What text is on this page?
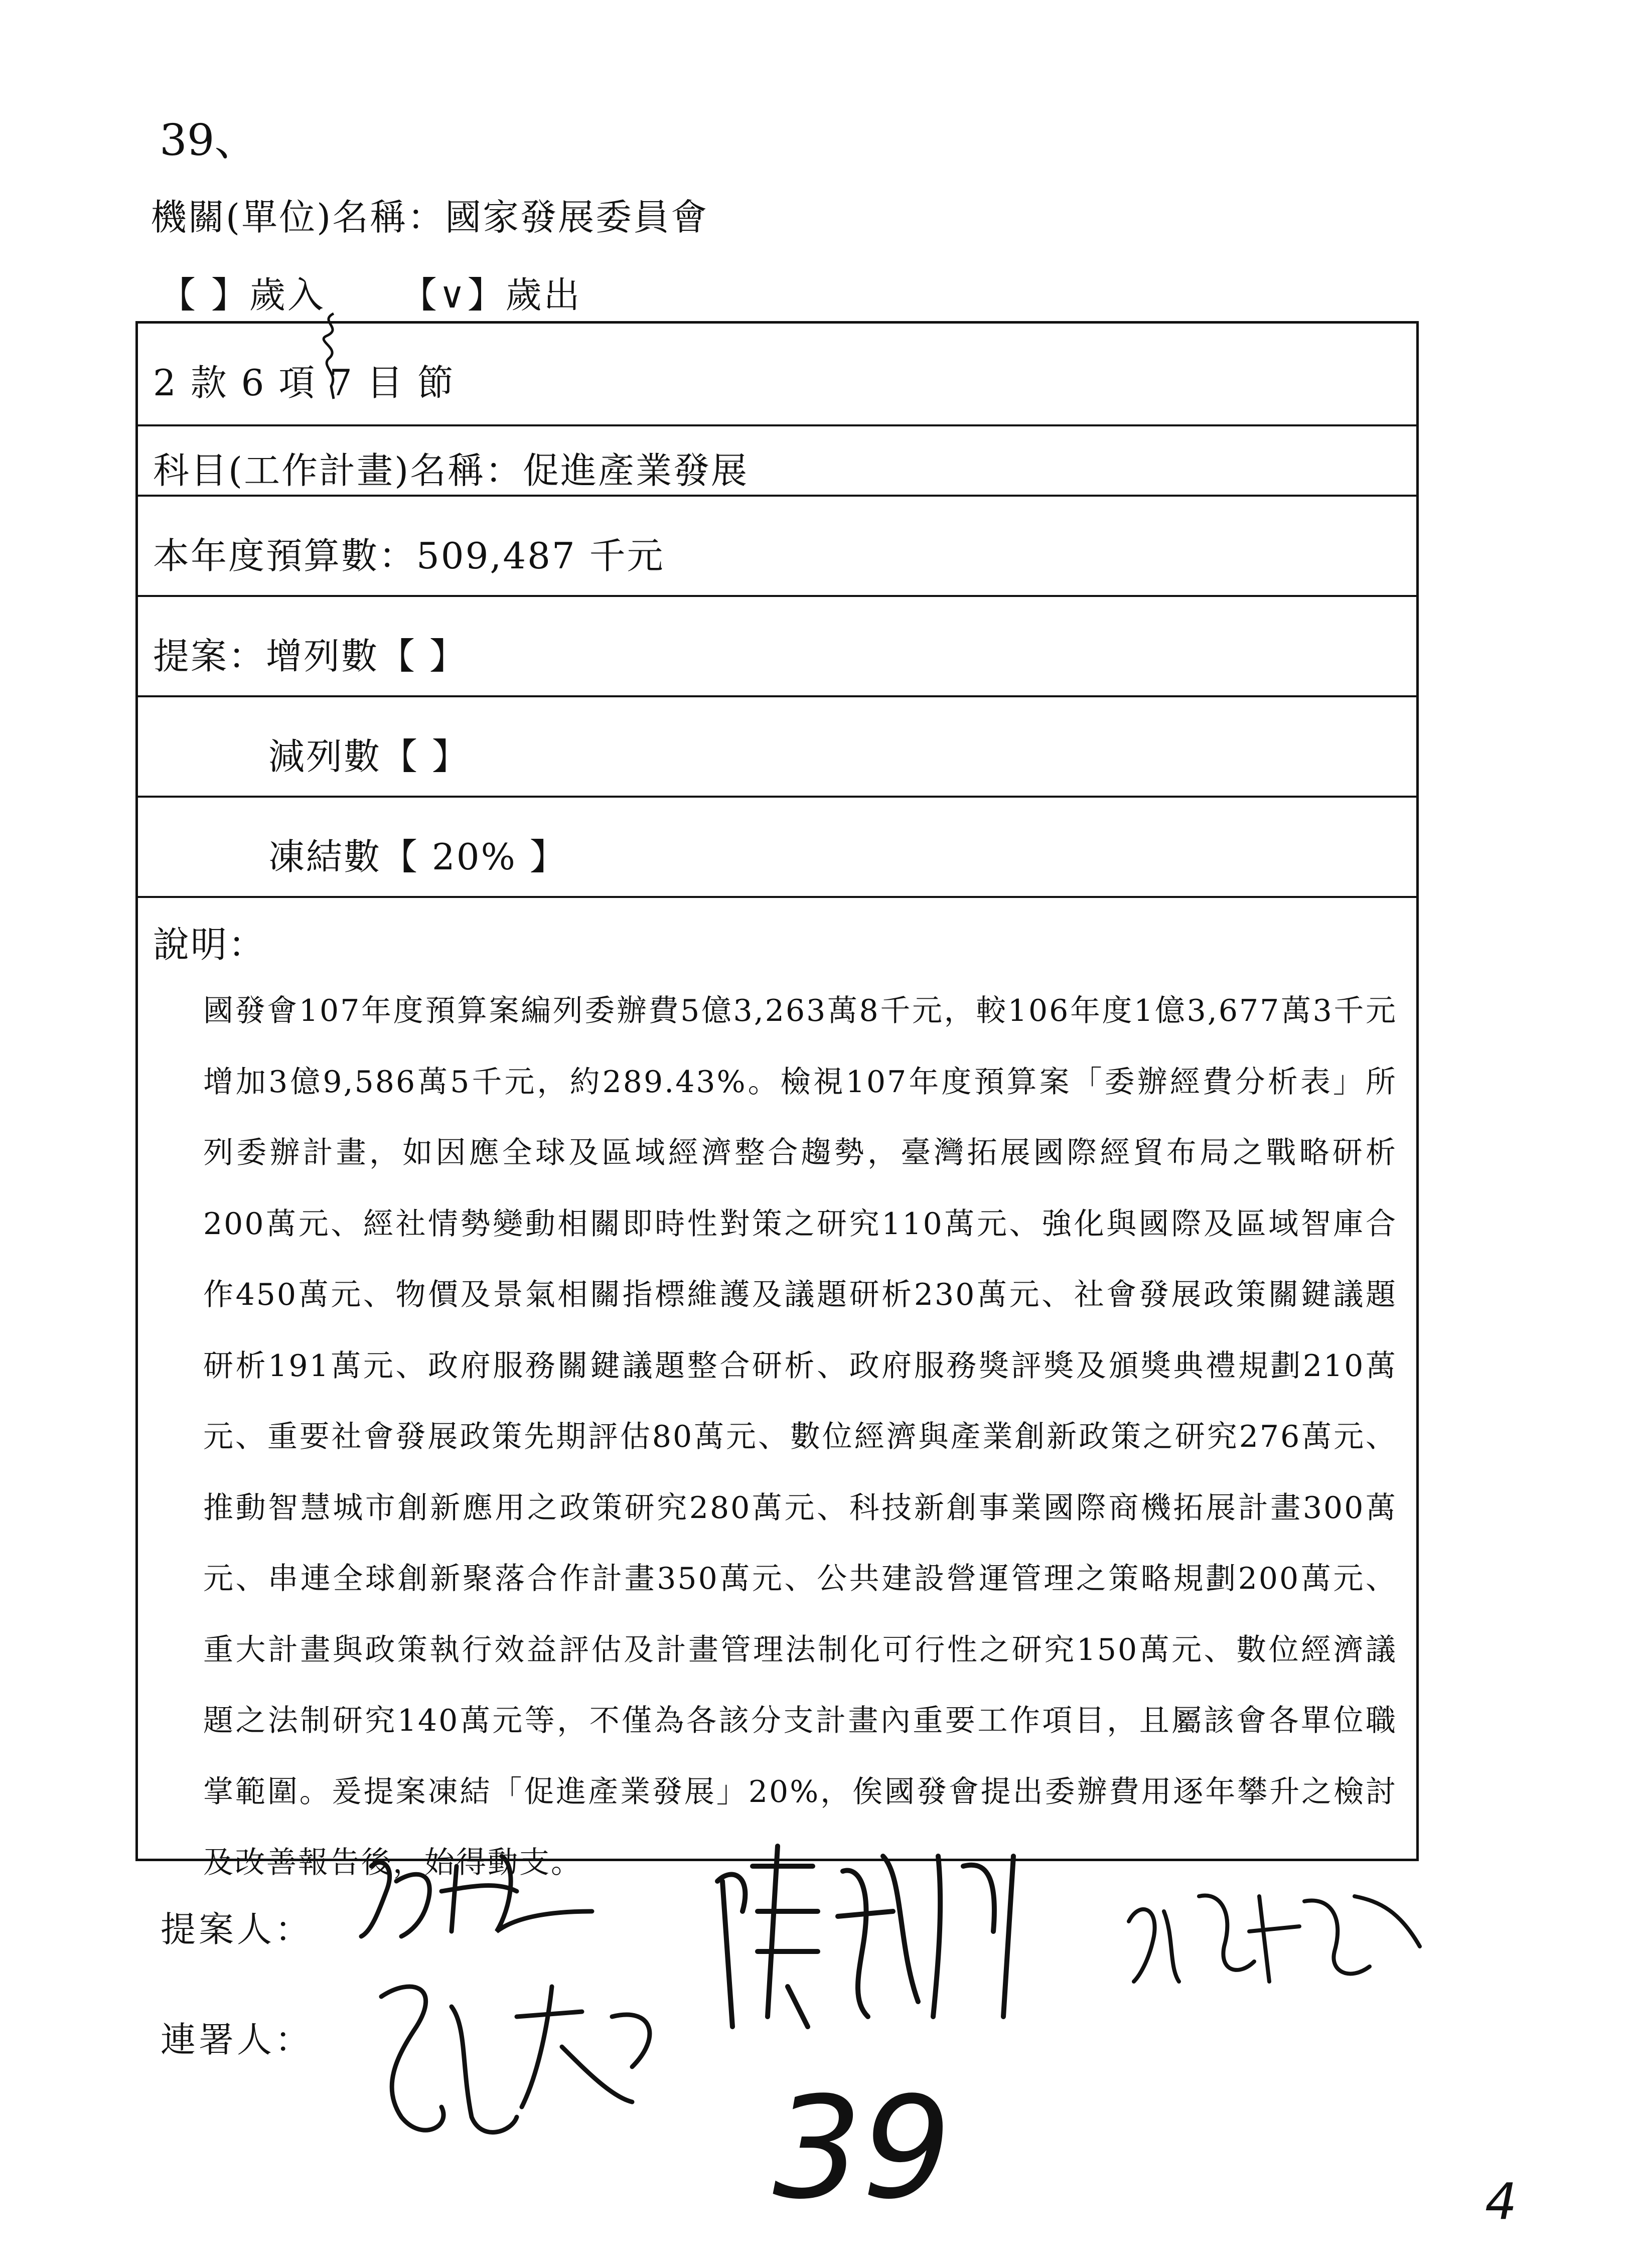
39、
機關(單位)名稱：國家發展委員會
【 】歲入 【∨】歲出
2 款 6 項 7 目 節
科目(工作計畫)名稱：促進產業發展
本年度預算數：509,487 千元
提案：增列數【 】
減列數【 】
凍結數【 20% 】
說明：
國發會107年度預算案編列委辦費5億3,263萬8千元，較106年度1億3,677萬3千元 增加3億9,586萬5千元，約289.43%。檢視107年度預算案「委辦經費分析表」所列委辦計畫，如因應全球及區域經濟整合趨勢，臺灣拓展國際經貿布局之戰略研析200萬元、經社情勢變動相關即時性對策之研究110萬元、強化與國際及區域智庫合作450萬元、物價及景氣相關指標維護及議題研析230萬元、社會發展政策關鍵議題研析191萬元、政府服務關鍵議題整合研析、政府服務獎評獎及頒獎典禮規劃210萬元、重要社會發展政策先期評估80萬元、數位經濟與產業創新政策之研究276萬元、推動智慧城市創新應用之政策研究280萬元、科技新創事業國際商機拓展計畫300萬元、串連全球創新聚落合作計畫350萬元、公共建設營運管理之策略規劃200萬元、重大計畫與政策執行效益評估及計畫管理法制化可行性之研究150萬元、數位經濟議題之法制研究140萬元等，不僅為各該分支計畫內重要工作項目，且屬該會各單位職掌範圍。爰提案凍結「促進產業發展」20%，俟國發會提出委辦費用逐年攀升之檢討及改善報告後，始得動支。
提案人：
連署人：
39	4
